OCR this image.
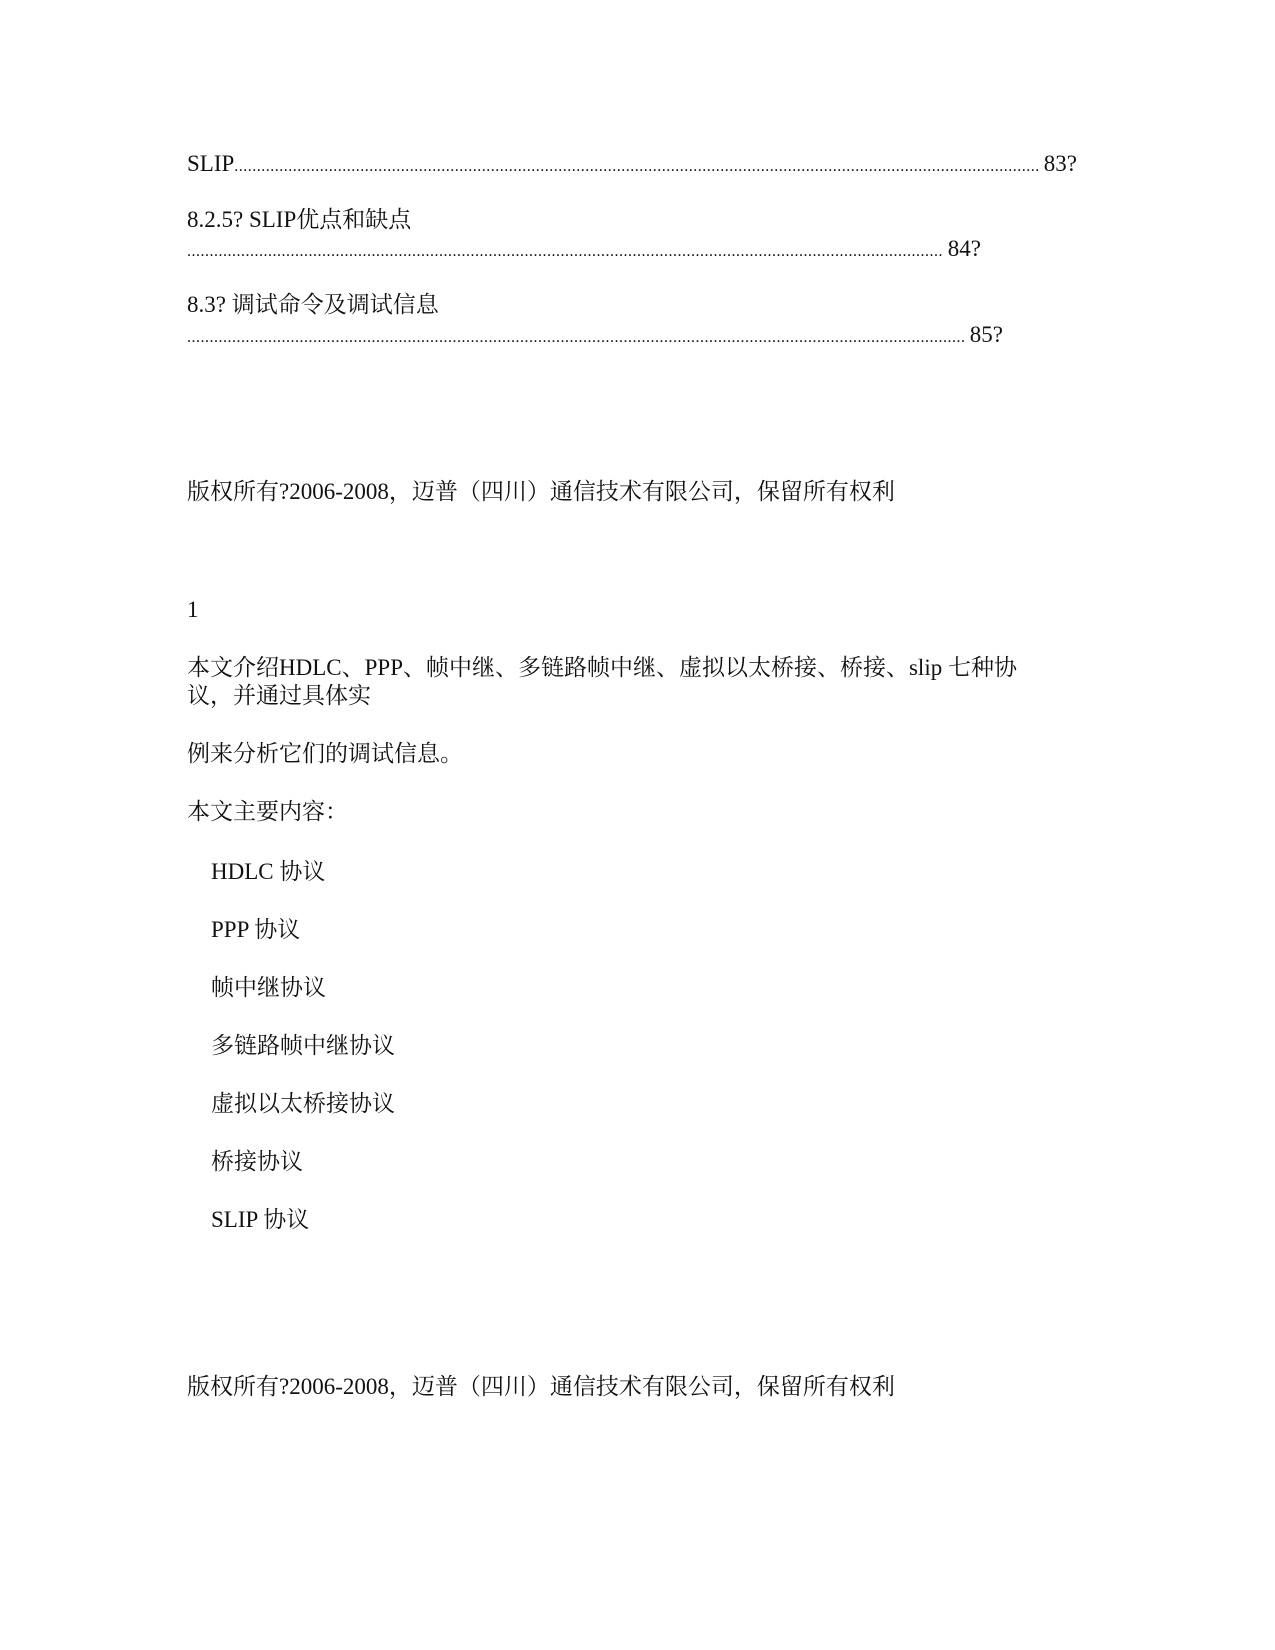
SLIP
.....	83?
8.2.5? SLIP优点和缺点
.....
84?
8.3? 调试命令及调试信息
.....
85?
版权所有?2006-2008，迈普（四川）通信技术有限公司，保留所有权利
1
本文介绍HDLC、PPP、帧中继、多链路帧中继、虚拟以太桥接、桥接、slip 七种协
议，并通过具体实
例来分析它们的调试信息。
本文主要内容：
HDLC 协议
PPP 协议
帧中继协议
多链路帧中继协议
虚拟以太桥接协议
桥接协议
SLIP 协议
版权所有?2006-2008，迈普（四川）通信技术有限公司，保留所有权利
